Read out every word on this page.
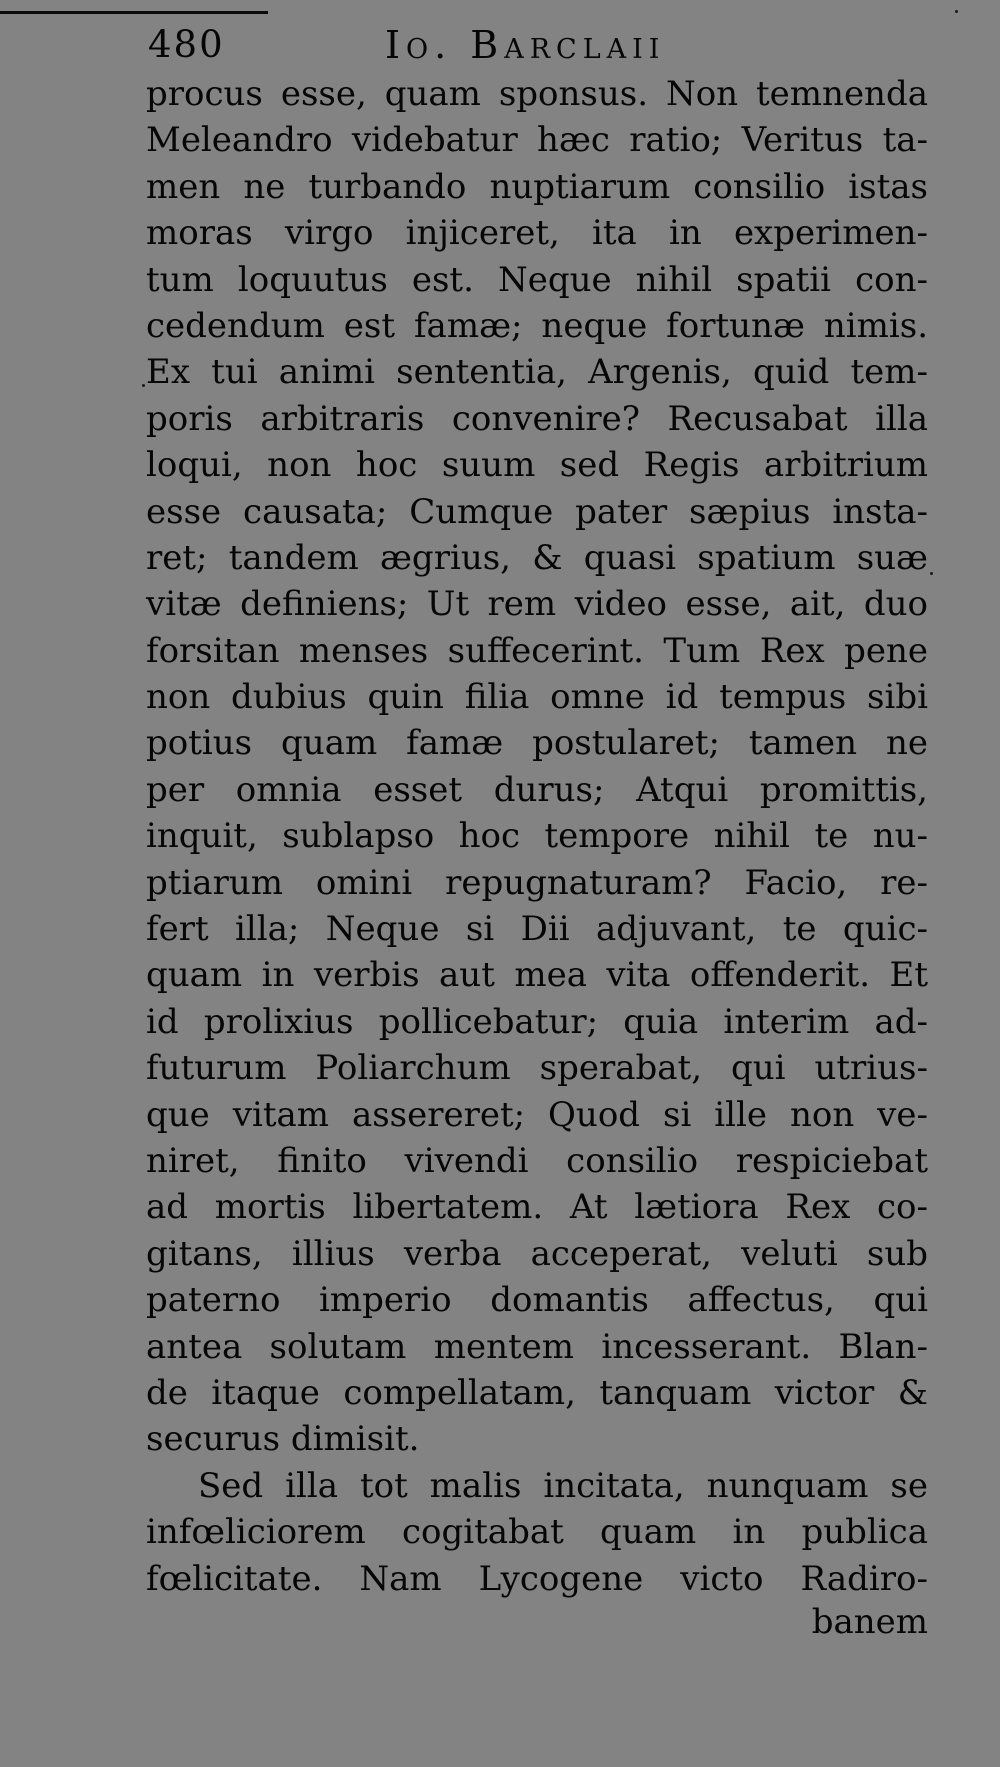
480	Io. Barclaii
procus esse, quam sponsus. Non temnenda
Meleandro videbatur hæc ratio; Veritus ta-
men ne turbando nuptiarum consilio istas
moras virgo injiceret, ita in experimen-
tum loquutus est. Neque nihil spatii con-
cedendum est famæ; neque fortunæ nimis.
Ex tui animi sententia, Argenis, quid tem-
poris arbitraris convenire? Recusabat illa
loqui, non hoc suum sed Regis arbitrium
esse causata; Cumque pater sæpius insta-
ret; tandem ægrius, & quasi spatium suæ
vitæ definiens; Ut rem video esse, ait, duo
forsitan menses suffecerint. Tum Rex pene
non dubius quin filia omne id tempus sibi
potius quam famæ postularet; tamen ne
per omnia esset durus; Atqui promittis,
inquit, sublapso hoc tempore nihil te nu-
ptiarum omini repugnaturam? Facio, re-
fert illa; Neque si Dii adjuvant, te quic-
quam in verbis aut mea vita offenderit. Et
id prolixius pollicebatur; quia interim ad-
futurum Poliarchum sperabat, qui utrius-
que vitam assereret; Quod si ille non ve-
niret, finito vivendi consilio respiciebat
ad mortis libertatem. At lætiora Rex co-
gitans, illius verba acceperat, veluti sub
paterno imperio domantis affectus, qui
antea solutam mentem incesserant. Blan-
de itaque compellatam, tanquam victor &
securus dimisit.
Sed illa tot malis incitata, nunquam se
infœliciorem cogitabat quam in publica
fœlicitate. Nam Lycogene victo Radiro-
banem
